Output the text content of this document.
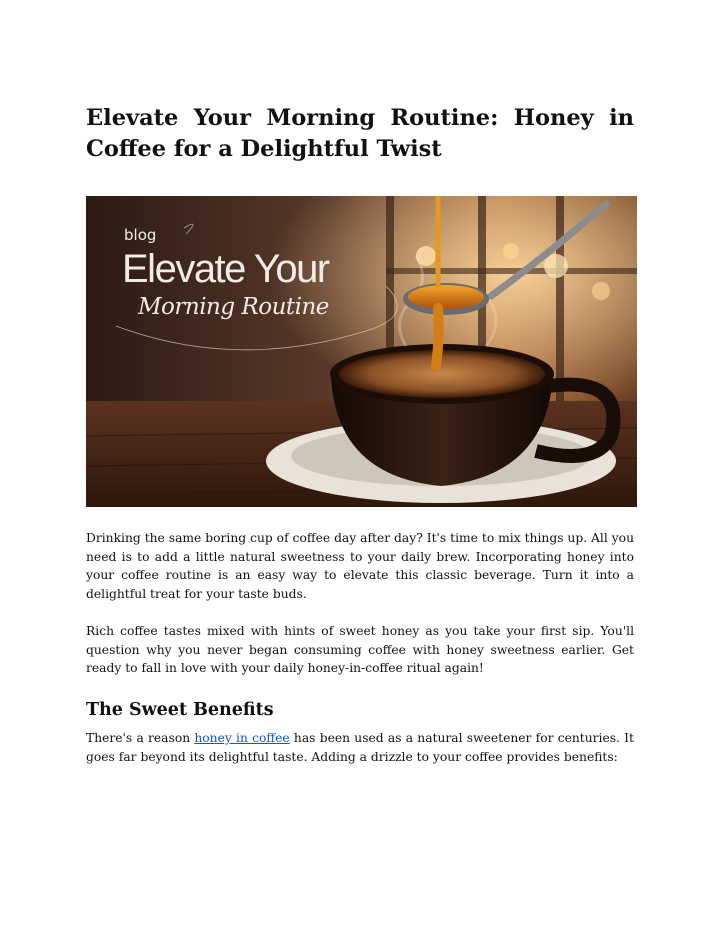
Elevate Your Morning Routine: Honey in Coffee for a Delightful Twist
blog
Elevate Your
Morning Routine

Drinking the same boring cup of coffee day after day? It's time to mix things up. All you need is to add a little natural sweetness to your daily brew. Incorporating honey into your coffee routine is an easy way to elevate this classic beverage. Turn it into a delightful treat for your taste buds.

Rich coffee tastes mixed with hints of sweet honey as you take your first sip. You'll question why you never began consuming coffee with honey sweetness earlier. Get ready to fall in love with your daily honey-in-coffee ritual again!

The Sweet Benefits

There's a reason honey in coffee has been used as a natural sweetener for centuries. It goes far beyond its delightful taste. Adding a drizzle to your coffee provides benefits:
